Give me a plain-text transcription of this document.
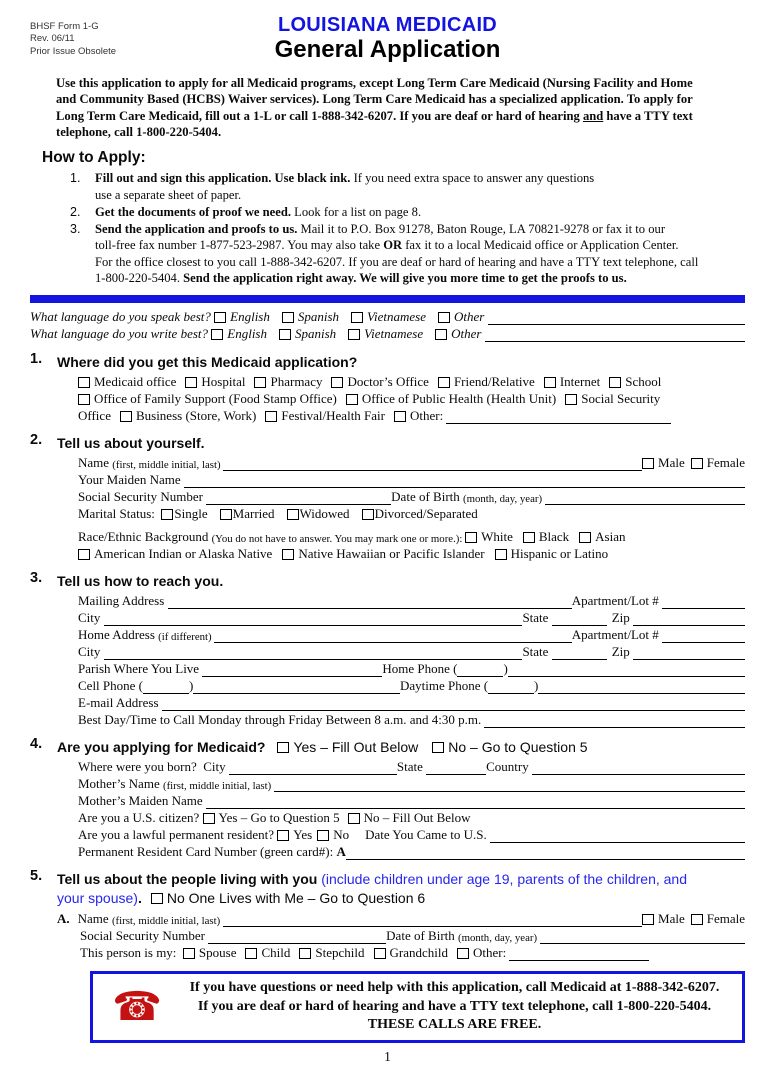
BHSF Form 1-G
Rev. 06/11
Prior Issue Obsolete
LOUISIANA MEDICAID
General Application

Use this application to apply for all Medicaid programs, except Long Term Care Medicaid (Nursing Facility and Home
and Community Based (HCBS) Waiver services). Long Term Care Medicaid has a specialized application. To apply for
Long Term Care Medicaid, fill out a 1-L or call 1-888-342-6207. If you are deaf or hard of hearing and have a TTY text
telephone, call 1-800-220-5404.

How to Apply:
1.	Fill out and sign this application. Use black ink. If you need extra space to answer any questions
use a separate sheet of paper.
2.	Get the documents of proof we need. Look for a list on page 8.
3.	Send the application and proofs to us. Mail it to P.O. Box 91278, Baton Rouge, LA 70821-9278 or fax it to our
toll-free fax number 1-877-523-2987. You may also take OR fax it to a local Medicaid office or Application Center.
For the office closest to you call 1-888-342-6207. If you are deaf or hard of hearing and have a TTY text telephone, call
1-800-220-5404. Send the application right away. We will give you more time to get the proofs to us.
What language do you speak best? English Spanish Vietnamese Other
What language do you write best? English Spanish Vietnamese Other
1.	Where did you get this Medicaid application?
Medicaid office Hospital Pharmacy Doctor’s Office Friend/Relative Internet School
Office of Family Support (Food Stamp Office) Office of Public Health (Health Unit) Social Security
Office Business (Store, Work) Festival/Health Fair Other:
2.	Tell us about yourself.
Name (first, middle initial, last)	Male Female
Your Maiden Name
Social Security Number	Date of Birth (month, day, year)
Marital Status: Single Married Widowed Divorced/Separated
Race/Ethnic Background (You do not have to answer. You may mark one or more.): White Black Asian
American Indian or Alaska Native Native Hawaiian or Pacific Islander Hispanic or Latino
3.	Tell us how to reach you.
Mailing Address	Apartment/Lot #
City	State	Zip
Home Address (if different)	Apartment/Lot #
City	State	Zip
Parish Where You Live	Home Phone (	)
Cell Phone (	)	Daytime Phone (	)
E-mail Address
Best Day/Time to Call Monday through Friday Between 8 a.m. and 4:30 p.m.
4.	Are you applying for Medicaid? Yes – Fill Out Below No – Go to Question 5
Where were you born?  City	State	Country
Mother’s Name (first, middle initial, last)
Mother’s Maiden Name
Are you a U.S. citizen? Yes – Go to Question 5 No – Fill Out Below
Are you a lawful permanent resident? Yes No Date You Came to U.S.
Permanent Resident Card Number (green card#): A
5.	Tell us about the people living with you (include children under age 19, parents of the children, and
your spouse) . No One Lives with Me – Go to Question 6
A. Name (first, middle initial, last)	Male Female
Social Security Number	Date of Birth (month, day, year)
This person is my: Spouse Child Stepchild Grandchild Other:
☎	If you have questions or need help with this application, call Medicaid at 1-888-342-6207.
If you are deaf or hard of hearing and have a TTY text telephone, call 1-800-220-5404.
THESE CALLS ARE FREE.
1
